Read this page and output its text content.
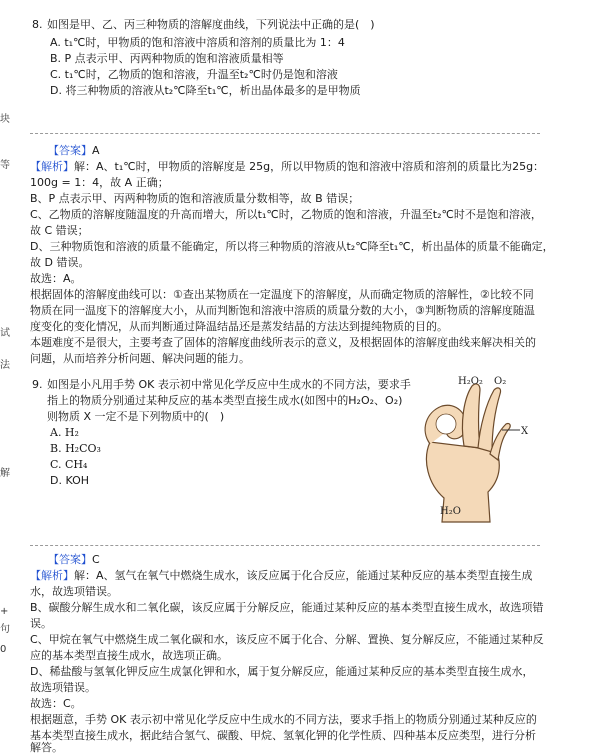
块
等
试
法
解
+
句
0
8. 如图是甲、乙、丙三种物质的溶解度曲线，下列说法中正确的是(　)
A. t₁℃时，甲物质的饱和溶液中溶质和溶剂的质量比为 1：4
B. P 点表示甲、丙两种物质的饱和溶液质量相等
C. t₁℃时，乙物质的饱和溶液，升温至t₂℃时仍是饱和溶液
D. 将三种物质的溶液从t₂℃降至t₁℃，析出晶体最多的是甲物质
【答案】A
【解析】解：A、t₁℃时，甲物质的溶解度是 25g，所以甲物质的饱和溶液中溶质和溶剂的质量比为25g：
100g = 1：4，故 A 正确；
B、P 点表示甲、丙两种物质的饱和溶液质量分数相等，故 B 错误；
C、乙物质的溶解度随温度的升高而增大，所以t₁℃时，乙物质的饱和溶液，升温至t₂℃时不是饱和溶液，
故 C 错误；
D、三种物质饱和溶液的质量不能确定，所以将三种物质的溶液从t₂℃降至t₁℃，析出晶体的质量不能确定，
故 D 错误。
故选：A。
根据固体的溶解度曲线可以：①查出某物质在一定温度下的溶解度，从而确定物质的溶解性，②比较不同
物质在同一温度下的溶解度大小，从而判断饱和溶液中溶质的质量分数的大小，③判断物质的溶解度随温
度变化的变化情况，从而判断通过降温结晶还是蒸发结晶的方法达到提纯物质的目的。
本题难度不是很大，主要考查了固体的溶解度曲线所表示的意义，及根据固体的溶解度曲线来解决相关的
问题，从而培养分析问题、解决问题的能力。
9. 如图是小凡用手势 OK 表示初中常见化学反应中生成水的不同方法，要求手
指上的物质分别通过某种反应的基本类型直接生成水(如图中的H₂O₂、O₂)
则物质 X 一定不是下列物质中的(　)
A. H₂
B. H₂CO₃
C. CH₄
D. KOH
H₂O₂ O₂
X
H₂O
【答案】C
【解析】解：A、氢气在氧气中燃烧生成水，该反应属于化合反应，能通过某种反应的基本类型直接生成
水，故选项错误。
B、碳酸分解生成水和二氧化碳，该反应属于分解反应，能通过某种反应的基本类型直接生成水，故选项错
误。
C、甲烷在氧气中燃烧生成二氧化碳和水，该反应不属于化合、分解、置换、复分解反应，不能通过某种反
应的基本类型直接生成水，故选项正确。
D、稀盐酸与氢氧化钾反应生成氯化钾和水，属于复分解反应，能通过某种反应的基本类型直接生成水，
故选项错误。
故选：C。
根据题意，手势 OK 表示初中常见化学反应中生成水的不同方法，要求手指上的物质分别通过某种反应的
基本类型直接生成水，据此结合氢气、碳酸、甲烷、氢氧化钾的化学性质、四种基本反应类型，进行分析
解答。
